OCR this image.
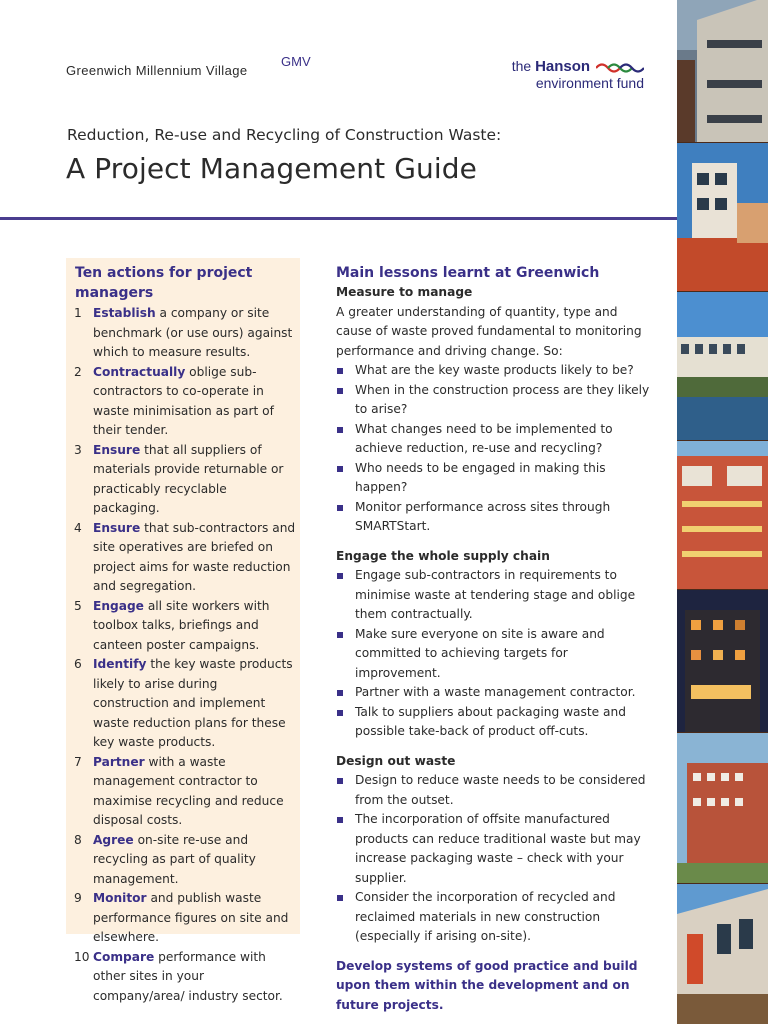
Greenwich Millennium Village
GMV	the Hanson
environment fund
Reduction, Re-use and Recycling of Construction Waste:
A Project Management Guide
Ten actions for project managers
1 Establish a company or site benchmark (or use ours) against which to measure results.
2 Contractually oblige sub-contractors to co-operate in waste minimisation as part of their tender.
3 Ensure that all suppliers of materials provide returnable or practicably recyclable packaging.
4 Ensure that sub-contractors and site operatives are briefed on project aims for waste reduction and segregation.
5 Engage all site workers with toolbox talks, briefings and canteen poster campaigns.
6 Identify the key waste products likely to arise during construction and implement waste reduction plans for these key waste products.
7 Partner with a waste management contractor to maximise recycling and reduce disposal costs.
8 Agree on-site re-use and recycling as part of quality management.
9 Monitor and publish waste performance figures on site and elsewhere.
10 Compare performance with other sites in your company/area/ industry sector.
Main lessons learnt at Greenwich
Measure to manage
A greater understanding of quantity, type and cause of waste proved fundamental to monitoring performance and driving change. So:
What are the key waste products likely to be?
When in the construction process are they likely to arise?
What changes need to be implemented to achieve reduction, re-use and recycling?
Who needs to be engaged in making this happen?
Monitor performance across sites through SMARTStart.
Engage the whole supply chain
Engage sub-contractors in requirements to minimise waste at tendering stage and oblige them contractually.
Make sure everyone on site is aware and committed to achieving targets for improvement.
Partner with a waste management contractor.
Talk to suppliers about packaging waste and possible take-back of product off-cuts.
Design out waste
Design to reduce waste needs to be considered from the outset.
The incorporation of offsite manufactured products can reduce traditional waste but may increase packaging waste – check with your supplier.
Consider the incorporation of recycled and reclaimed materials in new construction (especially if arising on-site).
Develop systems of good practice and build upon them within the development and on future projects.
